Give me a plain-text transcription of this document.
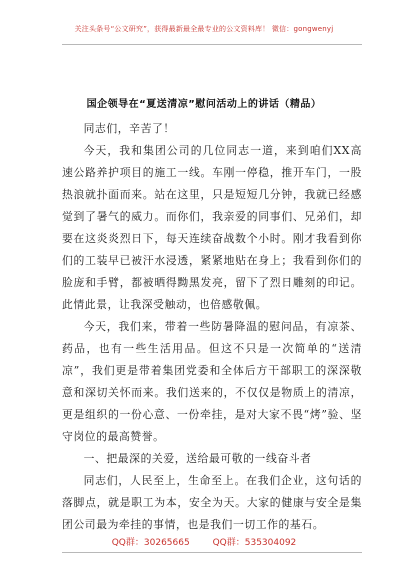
关注头条号“公文研究”，获得最新最全最专业的公文资料库！ 微信：gongwenyj
国企领导在“夏送清凉”慰问活动上的讲话（精品）

同志们，辛苦了！

今天，我和集团公司的几位同志一道，来到咱们XX高速公路养护项目的施工一线。车刚一停稳，推开车门，一股热浪就扑面而来。站在这里，只是短短几分钟，我就已经感觉到了暑气的威力。而你们，我亲爱的同事们、兄弟们，却要在这炎炎烈日下，每天连续奋战数个小时。刚才我看到你们的工装早已被汗水浸透，紧紧地贴在身上；我看到你们的脸庞和手臂，都被晒得黝黑发亮，留下了烈日雕刻的印记。此情此景，让我深受触动，也倍感敬佩。

今天，我们来，带着一些防暑降温的慰问品，有凉茶、药品，也有一些生活用品。但这不只是一次简单的“送清凉”，我们更是带着集团党委和全体后方干部职工的深深敬意和深切关怀而来。我们送来的，不仅仅是物质上的清凉，更是组织的一份心意、一份牵挂，是对大家不畏“烤”验、坚守岗位的最高赞誉。

一、把最深的关爱，送给最可敬的一线奋斗者

同志们，人民至上，生命至上。在我们企业，这句话的落脚点，就是职工为本，安全为天。大家的健康与安全是集团公司最为牵挂的事情，也是我们一切工作的基石。

QQ群：30265665	QQ群：535304092
